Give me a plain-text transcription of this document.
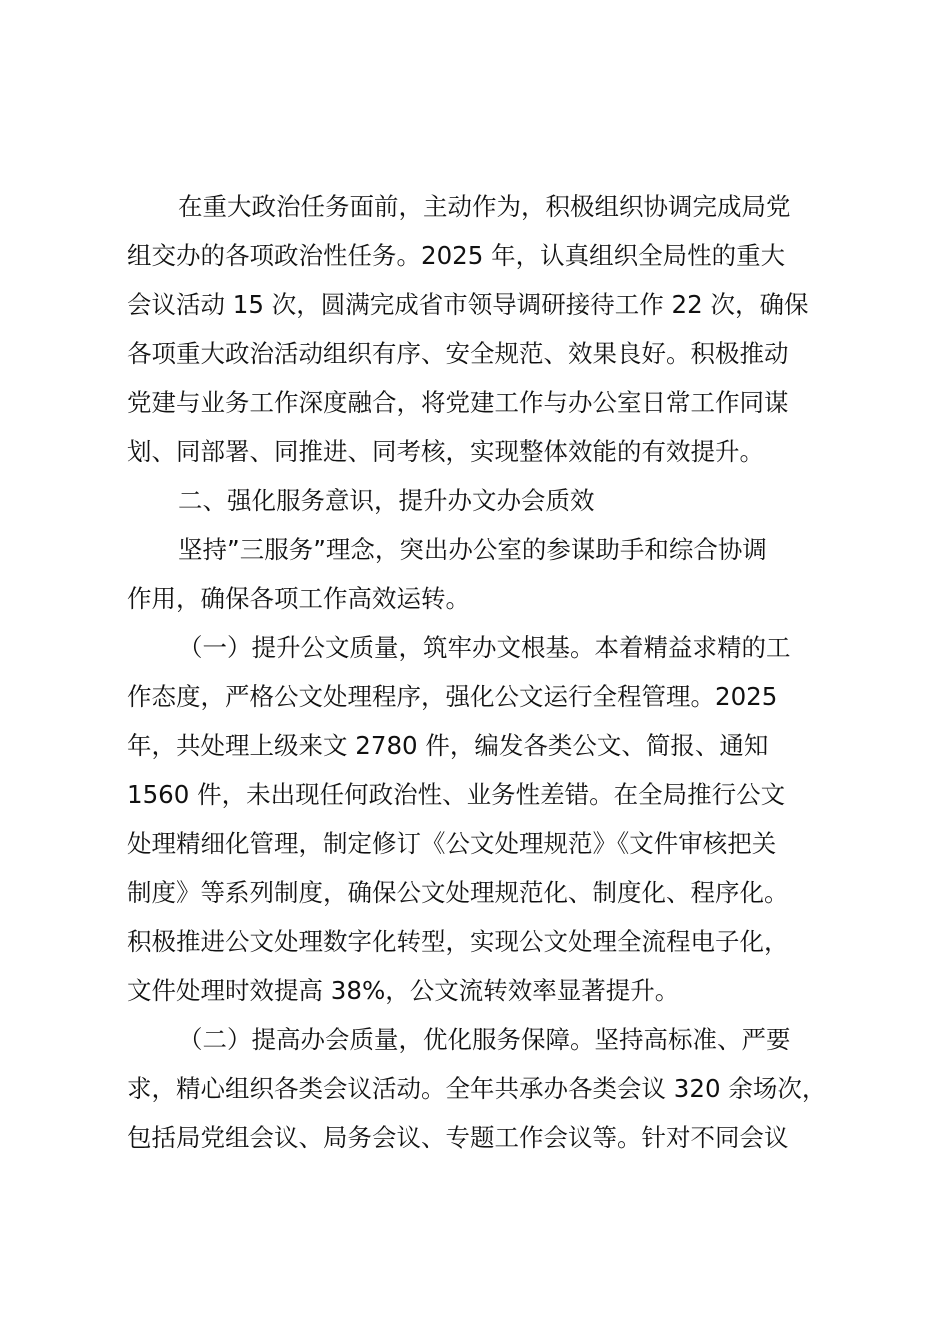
在重大政治任务面前，主动作为，积极组织协调完成局党
组交办的各项政治性任务。2025 年，认真组织全局性的重大
会议活动 15 次，圆满完成省市领导调研接待工作 22 次，确保
各项重大政治活动组织有序、安全规范、效果良好。积极推动
党建与业务工作深度融合，将党建工作与办公室日常工作同谋
划、同部署、同推进、同考核，实现整体效能的有效提升。
二、强化服务意识，提升办文办会质效
坚持”三服务”理念，突出办公室的参谋助手和综合协调
作用，确保各项工作高效运转。
（一）提升公文质量，筑牢办文根基。本着精益求精的工
作态度，严格公文处理程序，强化公文运行全程管理。2025
年，共处理上级来文 2780 件，编发各类公文、简报、通知
1560 件，未出现任何政治性、业务性差错。在全局推行公文
处理精细化管理，制定修订《公文处理规范》《文件审核把关
制度》等系列制度，确保公文处理规范化、制度化、程序化。
积极推进公文处理数字化转型，实现公文处理全流程电子化，
文件处理时效提高 38%，公文流转效率显著提升。
（二）提高办会质量，优化服务保障。坚持高标准、严要
求，精心组织各类会议活动。全年共承办各类会议 320 余场次，
包括局党组会议、局务会议、专题工作会议等。针对不同会议
